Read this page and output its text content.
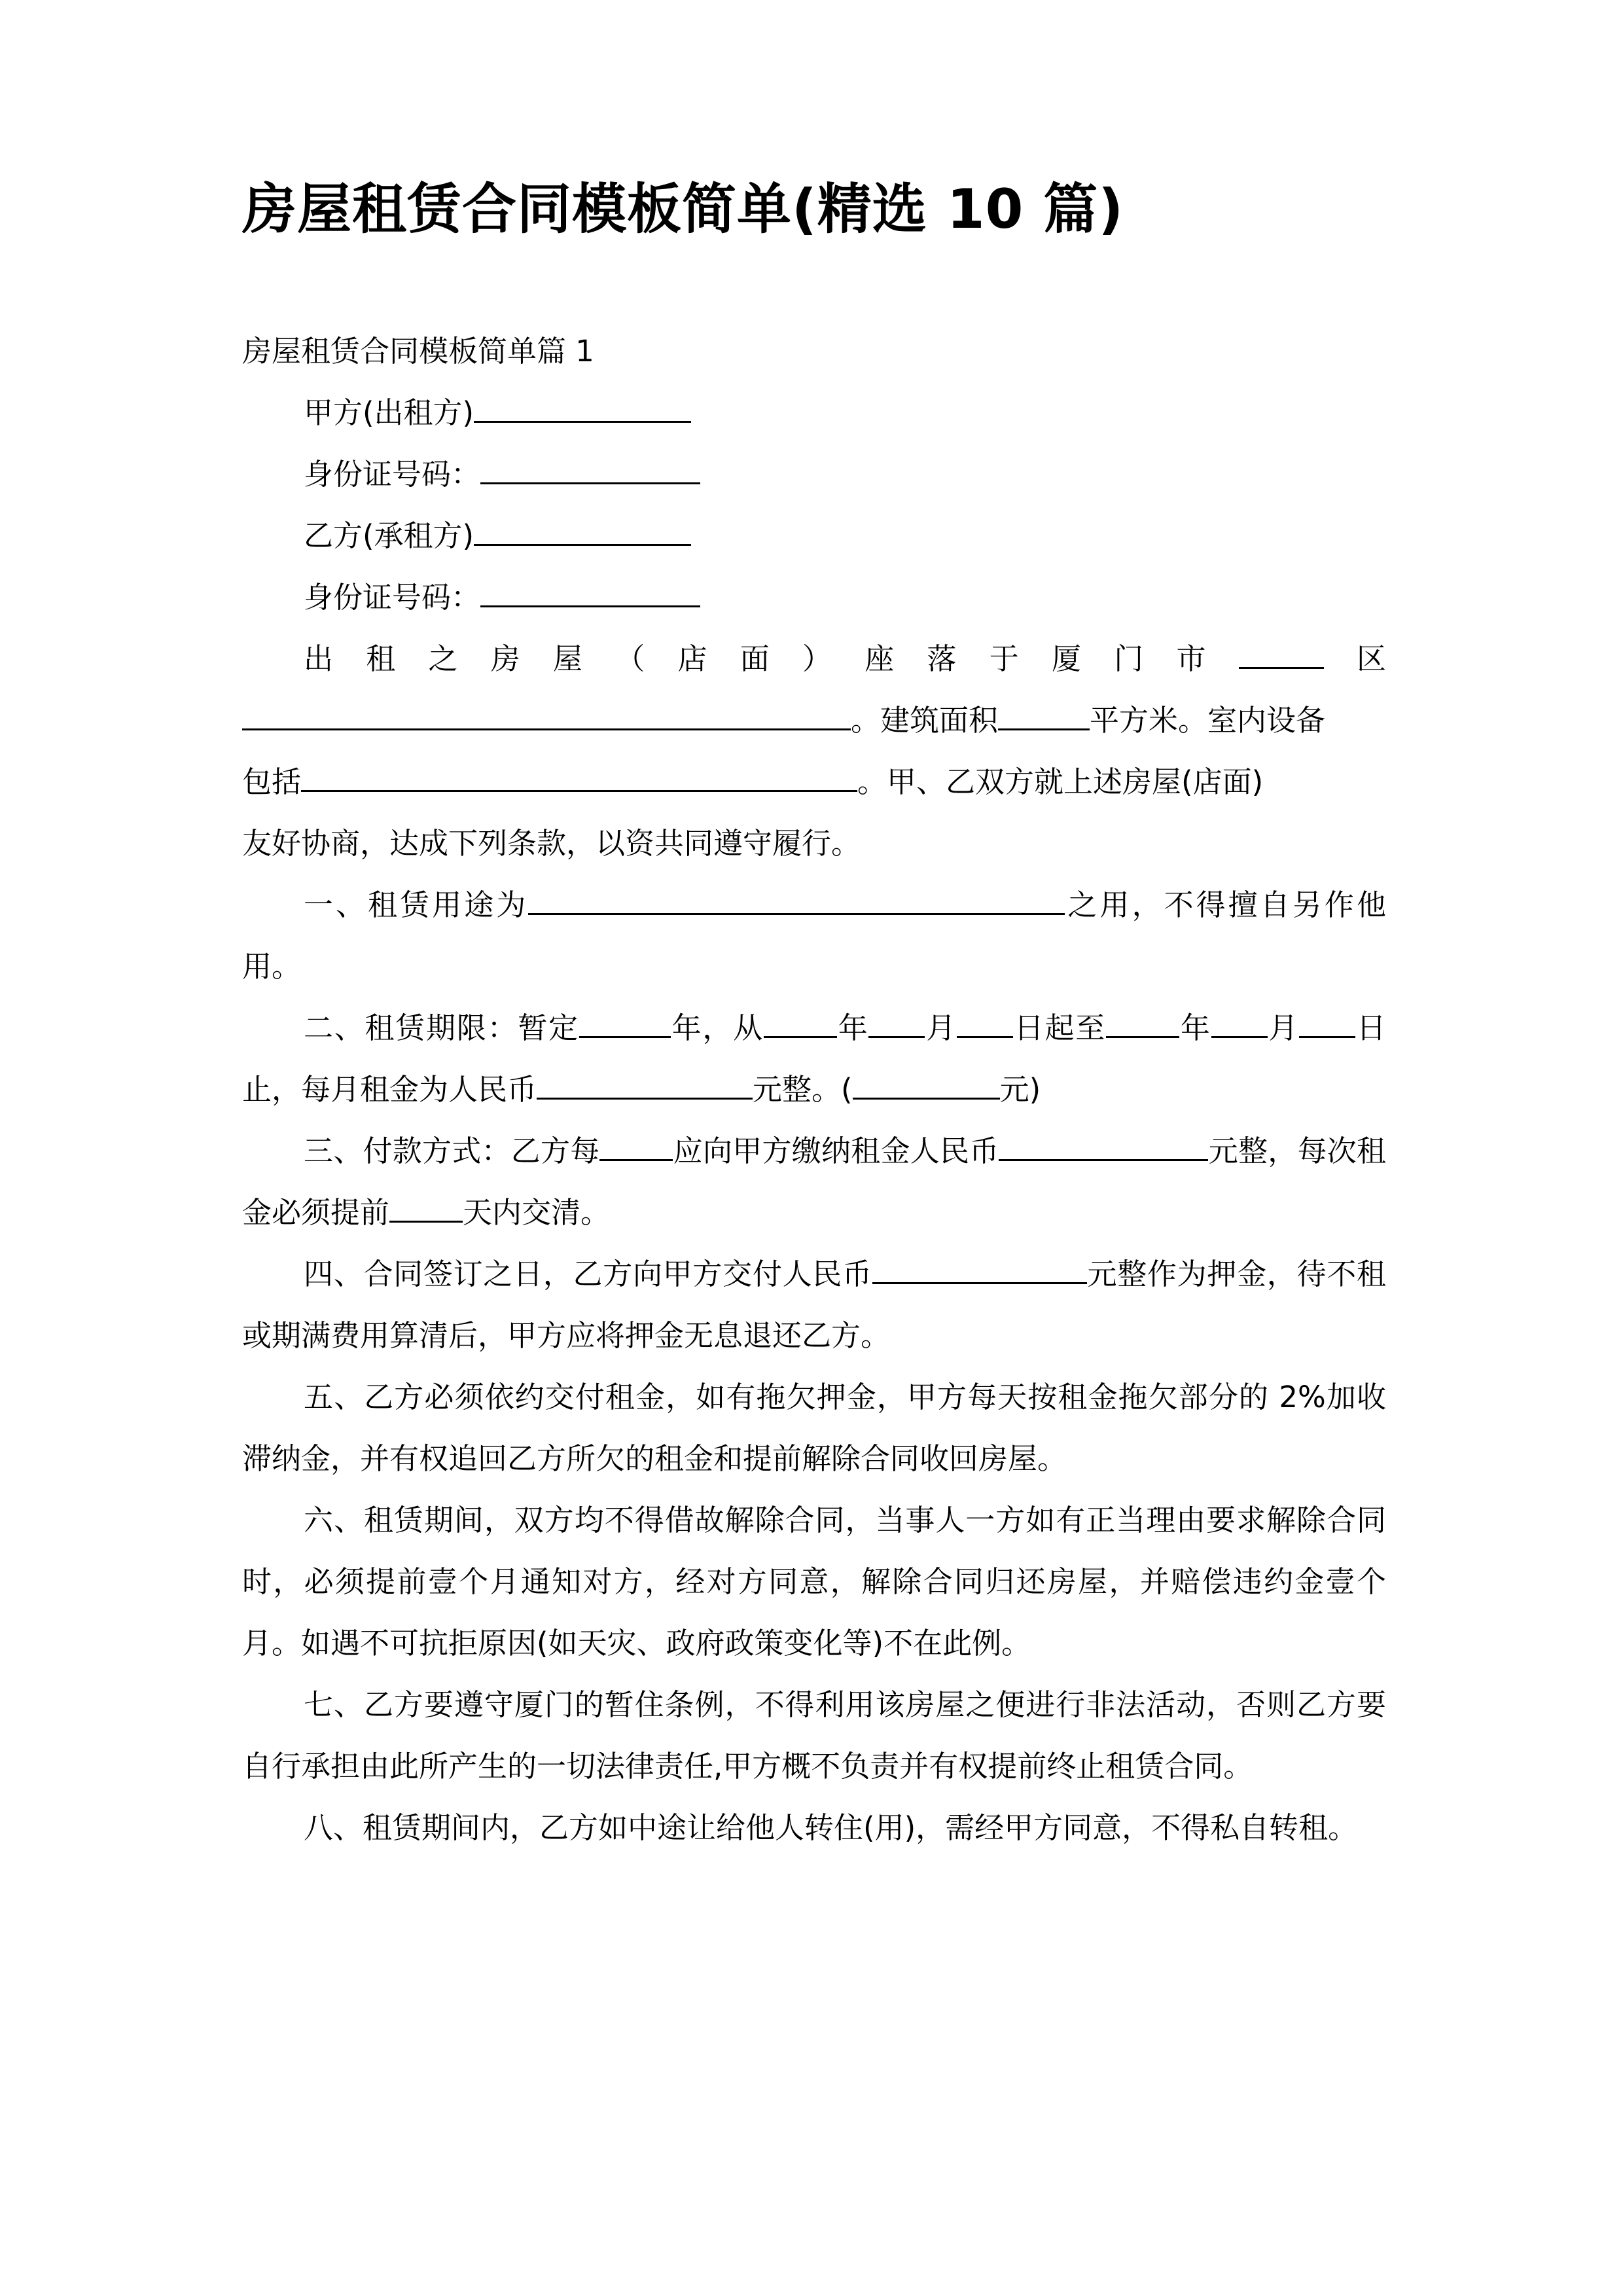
房屋租赁合同模板简单(精选 10 篇)

房屋租赁合同模板简单篇 1

甲方(出租方)

身份证号码：

乙方(承租方)

身份证号码：

出租之房屋（店面）座落于厦门市	区

。建筑面积	平方米。室内设备

包括	。甲、乙双方就上述房屋(店面)

友好协商，达成下列条款，以资共同遵守履行。

一、租赁用途为	之用，不得擅自另作他用。

二、租赁期限：暂定	年，从 年 月 日起至 年 月 日止，每月租金为人民币	元整。(	元)

三、付款方式：乙方每 应向甲方缴纳租金人民币	元整，每次租金必须提前 天内交清。

四、合同签订之日，乙方向甲方交付人民币	元整作为押金，待不租或期满费用算清后，甲方应将押金无息退还乙方。

五、乙方必须依约交付租金，如有拖欠押金，甲方每天按租金拖欠部分的 2%加收滞纳金，并有权追回乙方所欠的租金和提前解除合同收回房屋。

六、租赁期间，双方均不得借故解除合同，当事人一方如有正当理由要求解除合同时，必须提前壹个月通知对方，经对方同意，解除合同归还房屋，并赔偿违约金壹个月。如遇不可抗拒原因(如天灾、政府政策变化等)不在此例。

七、乙方要遵守厦门的暂住条例，不得利用该房屋之便进行非法活动，否则乙方要自行承担由此所产生的一切法律责任,甲方概不负责并有权提前终止租赁合同。

八、租赁期间内，乙方如中途让给他人转住(用)，需经甲方同意，不得私自转租。
